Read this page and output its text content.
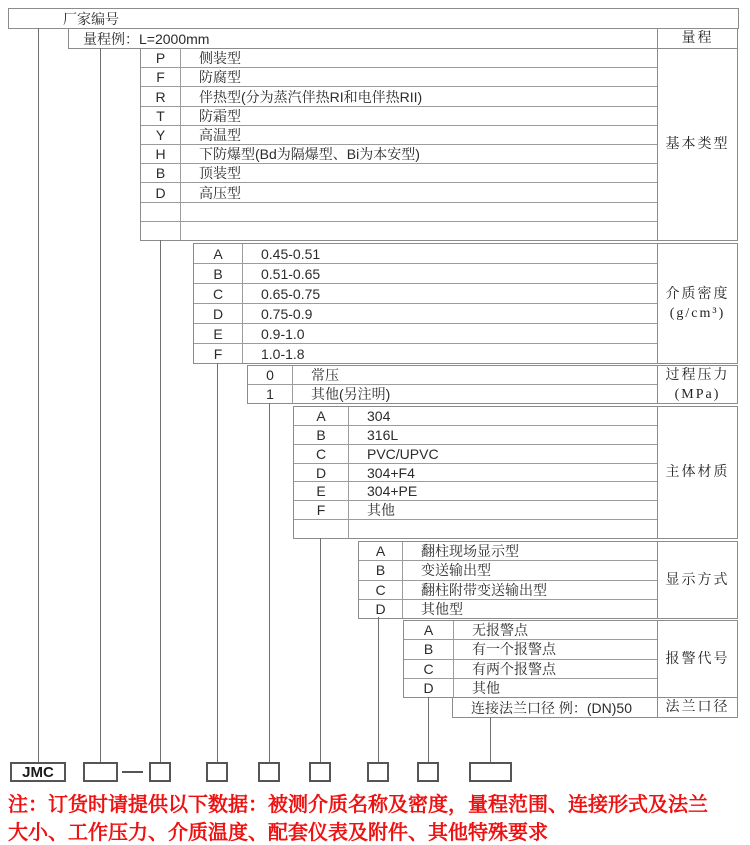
厂家编号
量程例：L=2000mm	量程
P	侧装型
F	防腐型
R	伴热型(分为蒸汽伴热RI和电伴热RII)
T	防霜型
Y	高温型
H	下防爆型(Bd为隔爆型、Bi为本安型)
B	顶装型
D	高压型
基本类型
A	0.45-0.51
B	0.51-0.65
C	0.65-0.75
D	0.75-0.9
E	0.9-1.0
F	1.0-1.8
介质密度
(g/cm³)
0	常压
1	其他(另注明)
过程压力
(MPa)
A	304
B	316L
C	PVC/UPVC
D	304+F4
E	304+PE
F	其他
主体材质
A	翻柱现场显示型
B	变送输出型
C	翻柱附带变送输出型
D	其他型
显示方式
A	无报警点
B	有一个报警点
C	有两个报警点
D	其他
报警代号
连接法兰口径 例：(DN)50 法兰口径
JMC
注：订货时请提供以下数据：被测介质名称及密度，量程范围、连接形式及法兰
大小、工作压力、介质温度、配套仪表及附件、其他特殊要求
